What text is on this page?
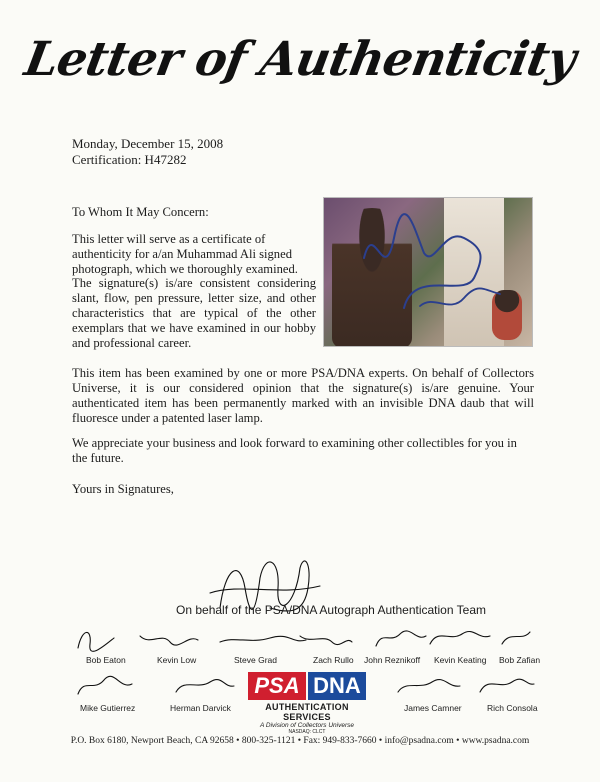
Letter of Authenticity
Monday, December 15, 2008
Certification: H47282
To Whom It May Concern:
This letter will serve as a certificate of authenticity for a/an Muhammad Ali signed photograph, which we thoroughly examined.
The signature(s) is/are consistent considering slant, flow, pen pressure, letter size, and other characteristics that are typical of the other exemplars that we have examined in our hobby and professional career.
This item has been examined by one or more PSA/DNA experts. On behalf of Collectors Universe, it is our considered opinion that the signature(s) is/are genuine. Your authenticated item has been permanently marked with an invisible DNA daub that will fluoresce under a patented laser lamp.
We appreciate your business and look forward to examining other collectibles for you in the future.
Yours in Signatures,
On behalf of the PSA/DNA Autograph Authentication Team
Bob Eaton	Kevin Low	Steve Grad	Zach Rullo John Reznikoff Kevin Keating Bob Zafian
Mike Gutierrez	Herman Darvick	James Camner	Rich Consola
PSA DNA
AUTHENTICATION SERVICES
A Division of Collectors Universe
NASDAQ: CLCT
P.O. Box 6180, Newport Beach, CA 92658 • 800-325-1121 • Fax: 949-833-7660 • info@psadna.com • www.psadna.com
